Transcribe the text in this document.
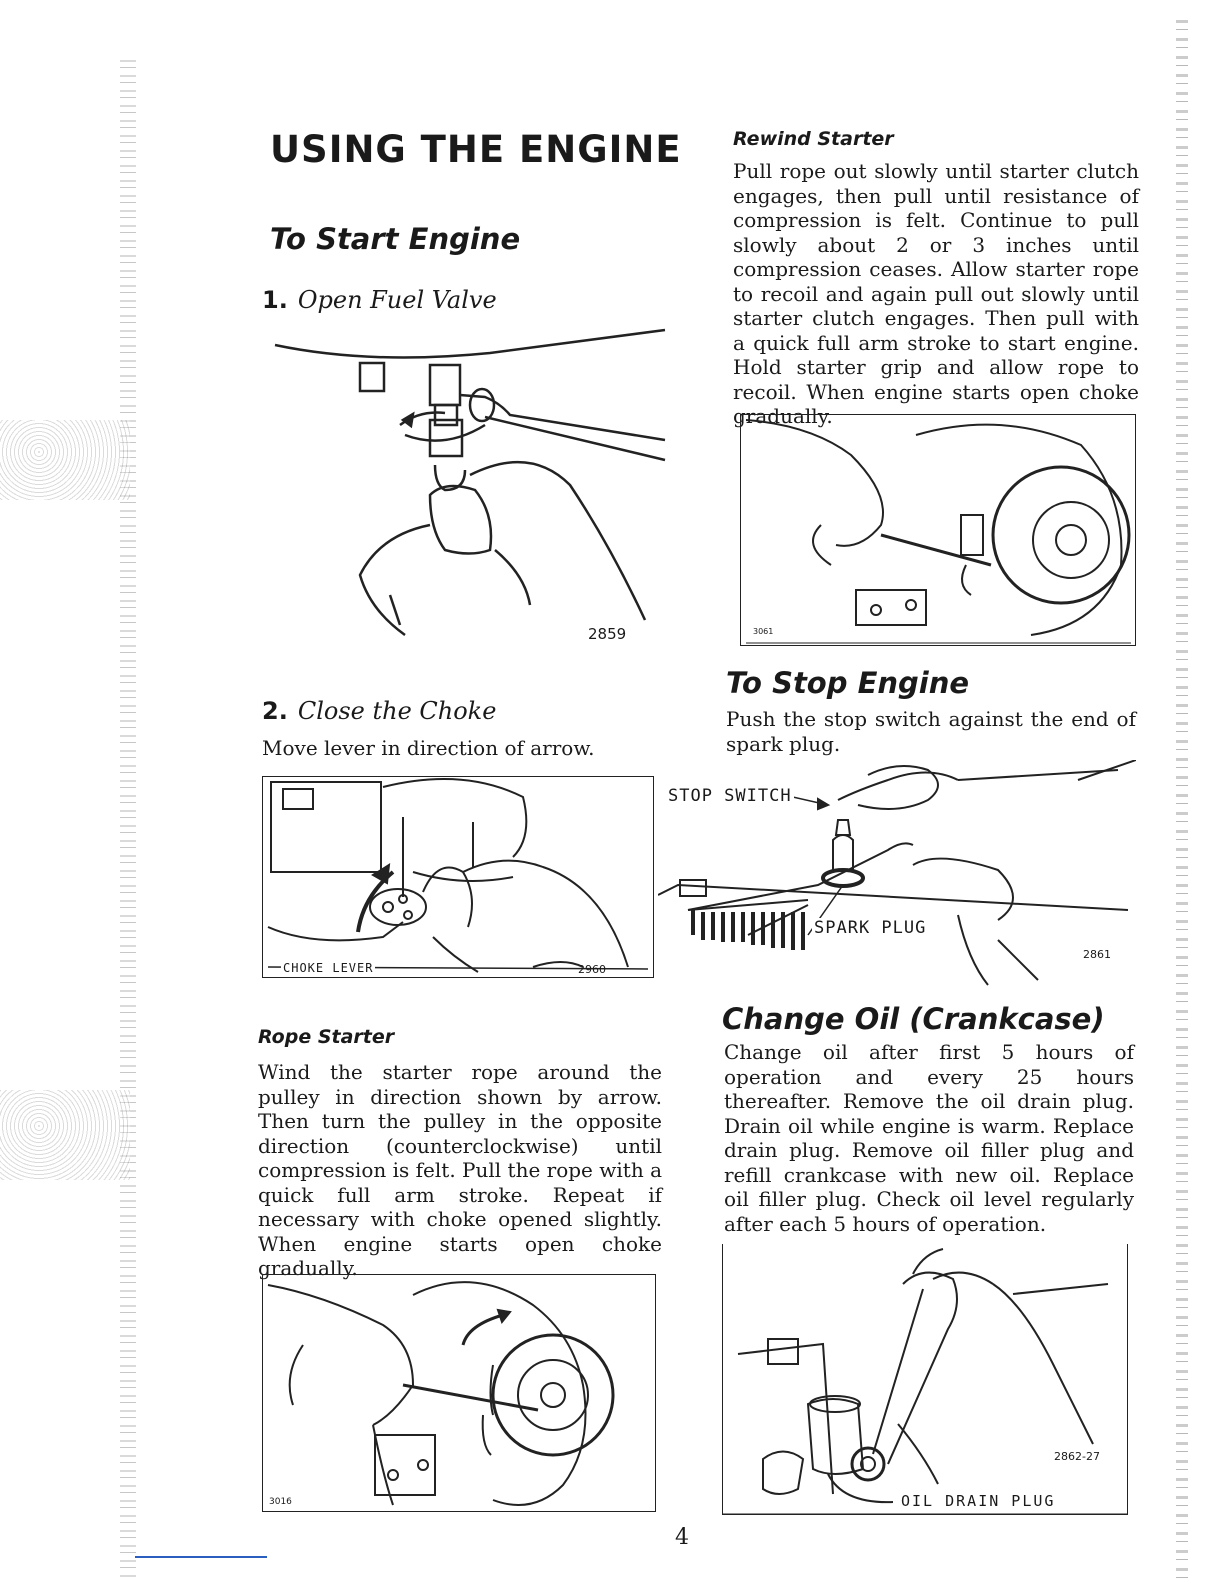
USING THE ENGINE
To Start Engine
1. Open Fuel Valve
2859
2. Close the Choke
Move lever in direction of arrow.
CHOKE LEVER	2960
Rope Starter
Wind the starter rope around the pulley in direction shown by arrow. Then turn the pulley in the opposite direction (counterclockwise) until compression is felt. Pull the rope with a quick full arm stroke. Repeat if necessary with choke opened slightly. When engine starts open choke gradually.
3016
Rewind Starter
Pull rope out slowly until starter clutch engages, then pull until resistance of compression is felt. Continue to pull slowly about 2 or 3 inches until compression ceases. Allow starter rope to recoil and again pull out slowly until starter clutch engages. Then pull with a quick full arm stroke to start engine. Hold starter grip and allow rope to recoil. When engine starts open choke gradually.
3061
To Stop Engine
Push the stop switch against the end of spark plug.
STOP SWITCH
SPARK PLUG
2861
Change Oil (Crankcase)
Change oil after first 5 hours of operation and every 25 hours thereafter. Remove the oil drain plug. Drain oil while engine is warm. Replace drain plug. Remove oil filler plug and refill crankcase with new oil. Replace oil filler plug. Check oil level regularly after each 5 hours of operation.
2862-27
OIL DRAIN PLUG
4
